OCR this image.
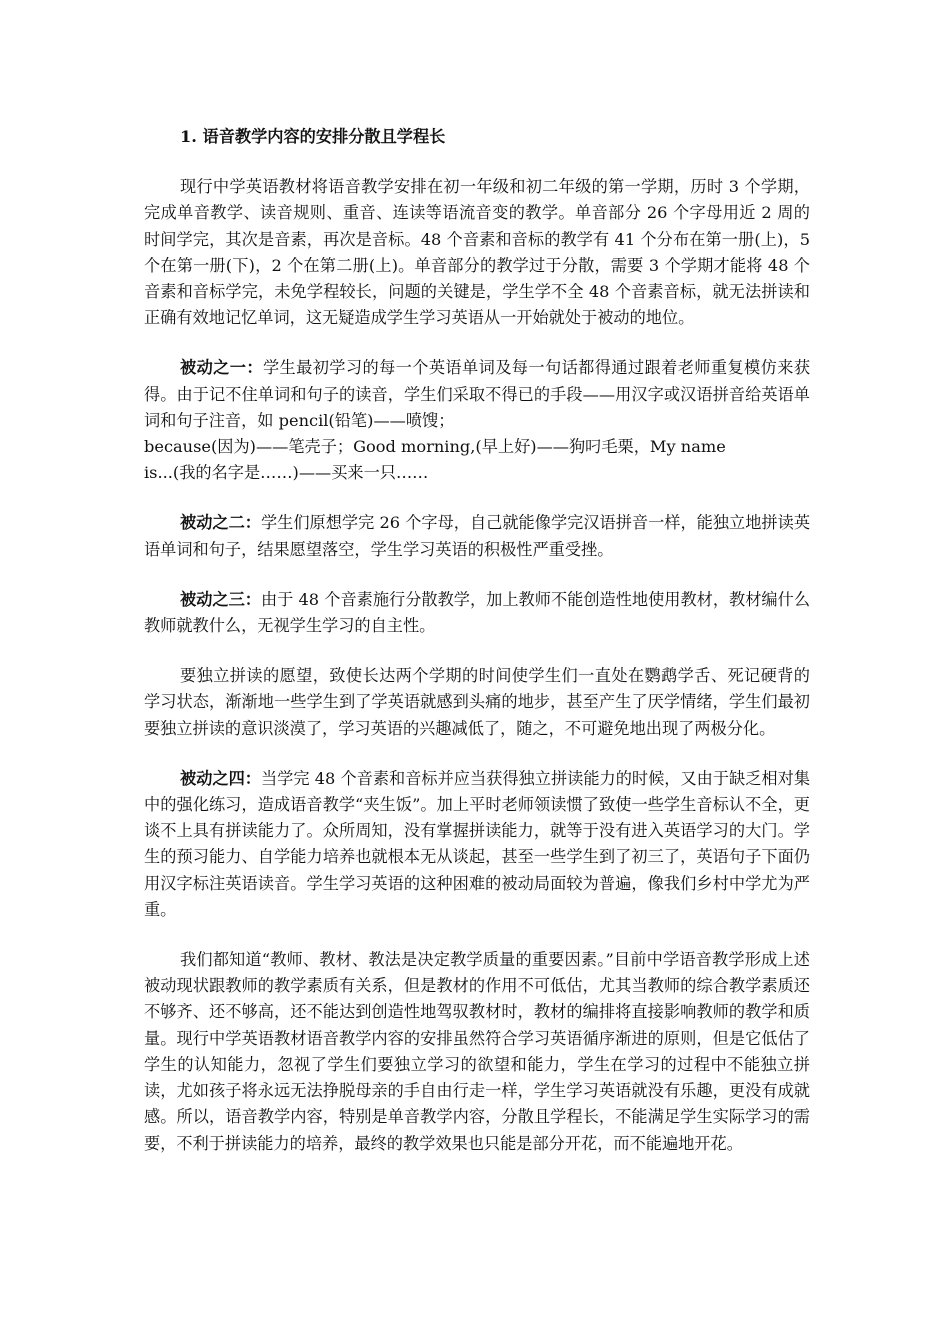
1. 语音教学内容的安排分散且学程长

现行中学英语教材将语音教学安排在初一年级和初二年级的第一学期，历时 3 个学期，完成单音教学、读音规则、重音、连读等语流音变的教学。单音部分 26 个字母用近 2 周的时间学完，其次是音素，再次是音标。48 个音素和音标的教学有 41 个分布在第一册(上)，5 个在第一册(下)，2 个在第二册(上)。单音部分的教学过于分散，需要 3 个学期才能将 48 个音素和音标学完，未免学程较长，问题的关键是，学生学不全 48 个音素音标，就无法拼读和正确有效地记忆单词，这无疑造成学生学习英语从一开始就处于被动的地位。

被动之一：学生最初学习的每一个英语单词及每一句话都得通过跟着老师重复模仿来获得。由于记不住单词和句子的读音，学生们采取不得已的手段——用汉字或汉语拼音给英语单词和句子注音，如 pencil(铅笔)——喷馊；
because(因为)——笔壳子；Good morning,(早上好)——狗叼毛栗，My name
is...(我的名字是……)——买来一只……

被动之二：学生们原想学完 26 个字母，自己就能像学完汉语拼音一样，能独立地拼读英语单词和句子，结果愿望落空，学生学习英语的积极性严重受挫。

被动之三：由于 48 个音素施行分散教学，加上教师不能创造性地使用教材，教材编什么教师就教什么，无视学生学习的自主性。

要独立拼读的愿望，致使长达两个学期的时间使学生们一直处在鹦鹉学舌、死记硬背的学习状态，渐渐地一些学生到了学英语就感到头痛的地步，甚至产生了厌学情绪，学生们最初要独立拼读的意识淡漠了，学习英语的兴趣减低了，随之，不可避免地出现了两极分化。

被动之四：当学完 48 个音素和音标并应当获得独立拼读能力的时候，又由于缺乏相对集中的强化练习，造成语音教学“夹生饭”。加上平时老师领读惯了致使一些学生音标认不全，更谈不上具有拼读能力了。众所周知，没有掌握拼读能力，就等于没有进入英语学习的大门。学生的预习能力、自学能力培养也就根本无从谈起，甚至一些学生到了初三了，英语句子下面仍用汉字标注英语读音。学生学习英语的这种困难的被动局面较为普遍，像我们乡村中学尤为严重。

我们都知道“教师、教材、教法是决定教学质量的重要因素。”目前中学语音教学形成上述被动现状跟教师的教学素质有关系，但是教材的作用不可低估，尤其当教师的综合教学素质还不够齐、还不够高，还不能达到创造性地驾驭教材时，教材的编排将直接影响教师的教学和质量。现行中学英语教材语音教学内容的安排虽然符合学习英语循序渐进的原则，但是它低估了学生的认知能力，忽视了学生们要独立学习的欲望和能力，学生在学习的过程中不能独立拼读，尤如孩子将永远无法挣脱母亲的手自由行走一样，学生学习英语就没有乐趣，更没有成就感。所以，语音教学内容，特别是单音教学内容，分散且学程长，不能满足学生实际学习的需要，不利于拼读能力的培养，最终的教学效果也只能是部分开花，而不能遍地开花。
